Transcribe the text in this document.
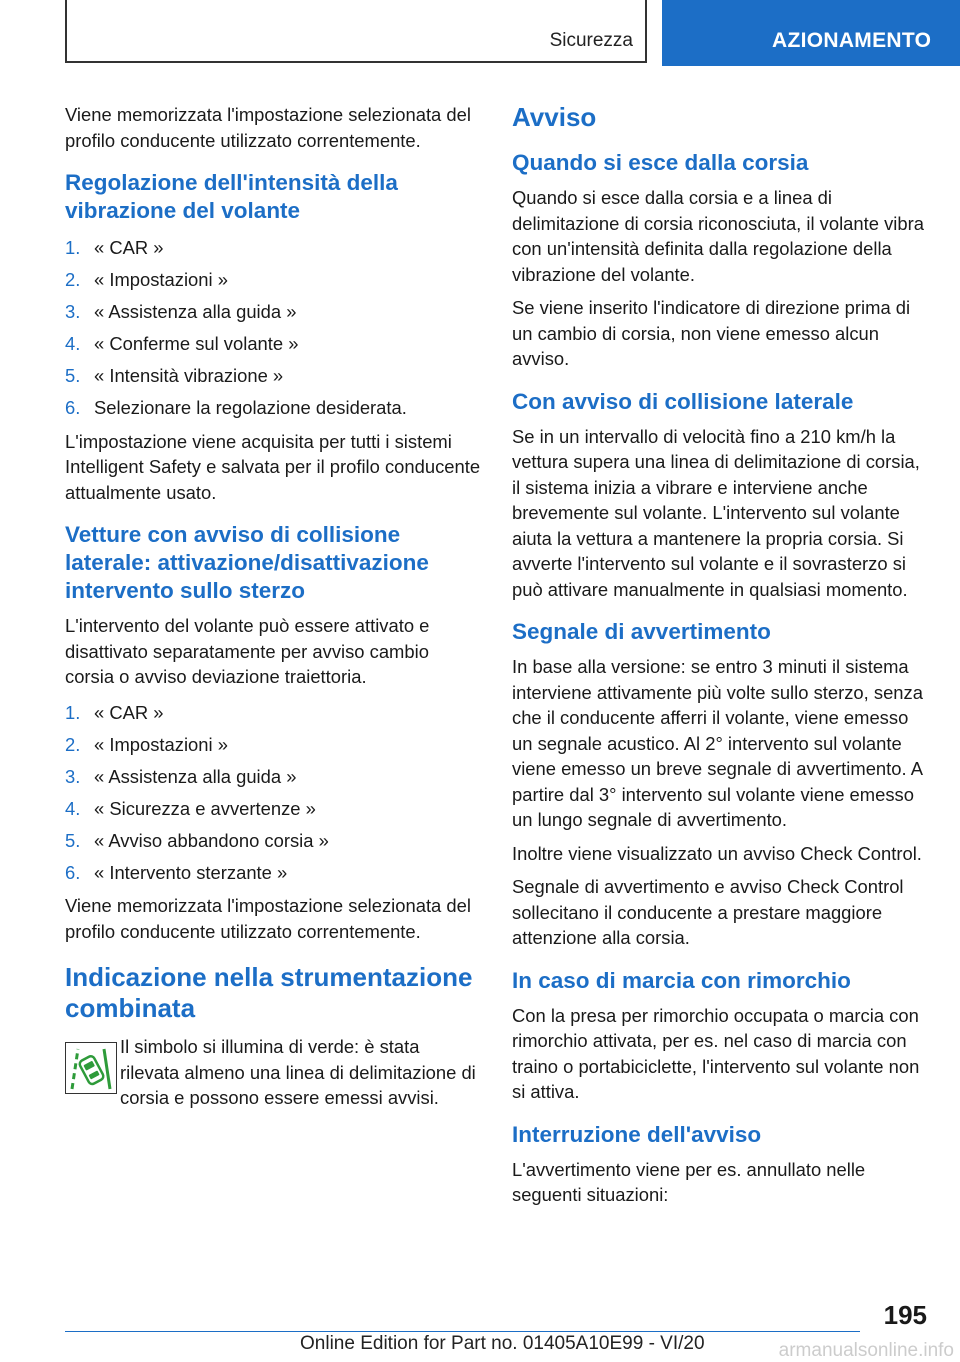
Sicurezza	AZIONAMENTO

Viene memorizzata l'impostazione selezionata del profilo conducente utilizzato correntemente.

Regolazione dell'intensità della vibrazione del volante
1. « CAR »
2. « Impostazioni »
3. « Assistenza alla guida »
4. « Conferme sul volante »
5. « Intensità vibrazione »
6. Selezionare la regolazione desiderata.

L'impostazione viene acquisita per tutti i sistemi Intelligent Safety e salvata per il profilo conducente attualmente usato.

Vetture con avviso di collisione laterale: attivazione/disattivazione intervento sullo sterzo

L'intervento del volante può essere attivato e disattivato separatamente per avviso cambio corsia o avviso deviazione traiettoria.

1. « CAR »
2. « Impostazioni »
3. « Assistenza alla guida »
4. « Sicurezza e avvertenze »
5. « Avviso abbandono corsia »
6. « Intervento sterzante »

Viene memorizzata l'impostazione selezionata del profilo conducente utilizzato correntemente.

Indicazione nella strumentazione combinata

Il simbolo si illumina di verde: è stata rilevata almeno una linea di delimitazione di corsia e possono essere emessi avvisi.

Avviso
Quando si esce dalla corsia

Quando si esce dalla corsia e a linea di delimitazione di corsia riconosciuta, il volante vibra con un'intensità definita dalla regolazione della vibrazione del volante.

Se viene inserito l'indicatore di direzione prima di un cambio di corsia, non viene emesso alcun avviso.

Con avviso di collisione laterale

Se in un intervallo di velocità fino a 210 km/h la vettura supera una linea di delimitazione di corsia, il sistema inizia a vibrare e interviene anche brevemente sul volante. L'intervento sul volante aiuta la vettura a mantenere la propria corsia. Si avverte l'intervento sul volante e il sovrasterzo si può attivare manualmente in qualsiasi momento.

Segnale di avvertimento

In base alla versione: se entro 3 minuti il sistema interviene attivamente più volte sullo sterzo, senza che il conducente afferri il volante, viene emesso un segnale acustico. Al 2° intervento sul volante viene emesso un breve segnale di avvertimento. A partire dal 3° intervento sul volante viene emesso un lungo segnale di avvertimento.

Inoltre viene visualizzato un avviso Check Control.

Segnale di avvertimento e avviso Check Control sollecitano il conducente a prestare maggiore attenzione alla corsia.

In caso di marcia con rimorchio

Con la presa per rimorchio occupata o marcia con rimorchio attivata, per es. nel caso di marcia con traino o portabiciclette, l'intervento sul volante non si attiva.

Interruzione dell'avviso

L'avvertimento viene per es. annullato nelle seguenti situazioni:

195
Online Edition for Part no. 01405A10E99 - VI/20	armanualsonline.info
